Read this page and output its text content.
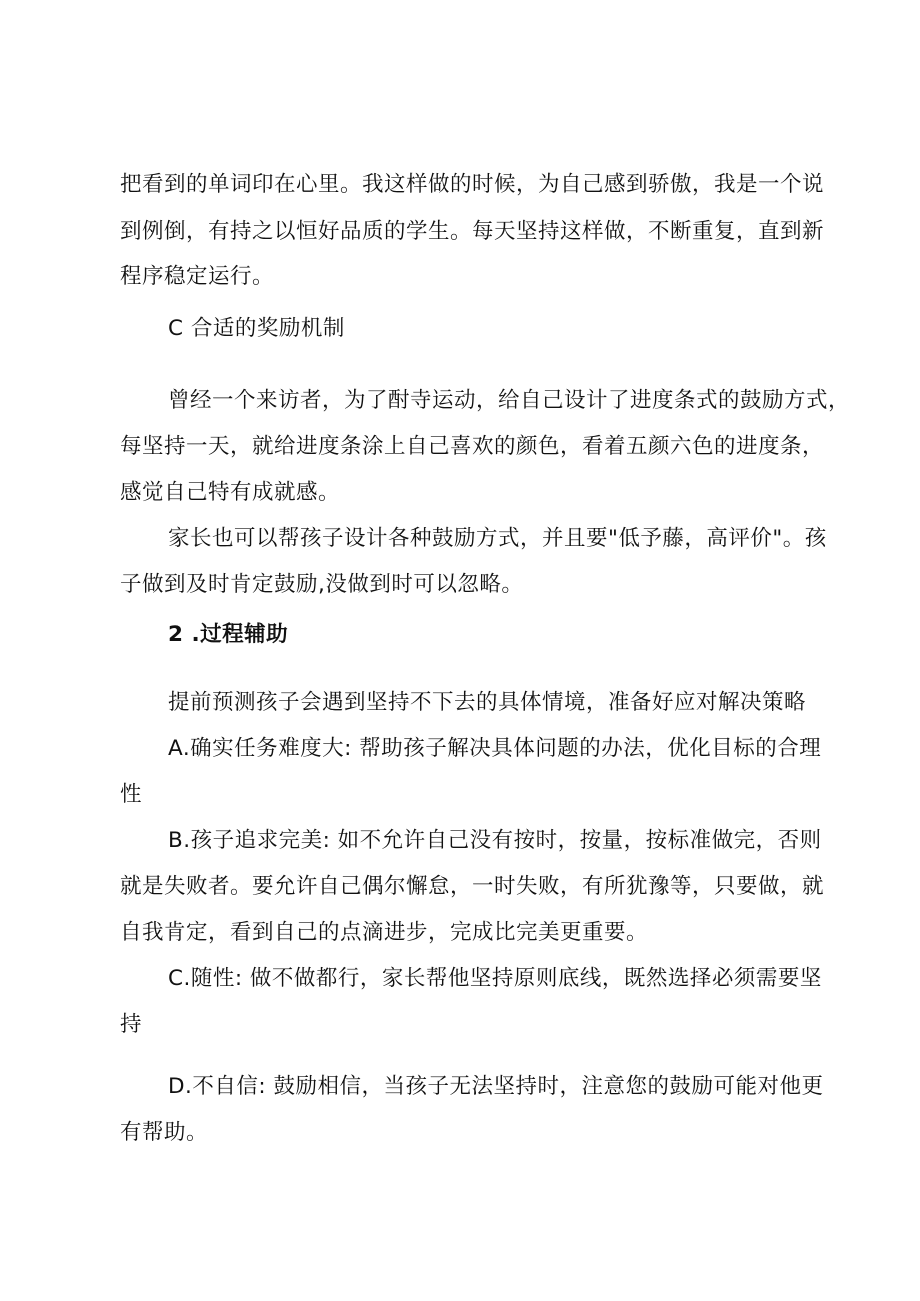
把看到的单词印在心里。我这样做的时候，为自己感到骄傲，我是一个说
到例倒，有持之以恒好品质的学生。每天坚持这样做，不断重复，直到新
程序稳定运行。
C 合适的奖励机制
曾经一个来访者，为了酎寺运动，给自己设计了进度条式的鼓励方式，
每坚持一天，就给进度条涂上自己喜欢的颜色，看着五颜六色的进度条，
感觉自己特有成就感。
家长也可以帮孩子设计各种鼓励方式，并且要"低予藤，高评价"。孩
子做到及时肯定鼓励,没做到时可以忽略。
2 .过程辅助
提前预测孩子会遇到坚持不下去的具体情境，准备好应对解决策略
A.确实任务难度大: 帮助孩子解决具体问题的办法，优化目标的合理
性
B.孩子追求完美: 如不允许自己没有按时，按量，按标准做完，否则
就是失败者。要允许自己偶尔懈怠，一时失败，有所犹豫等，只要做，就
自我肯定，看到自己的点滴进步，完成比完美更重要。
C.随性: 做不做都行，家长帮他坚持原则底线，既然选择必须需要坚
持
D.不自信: 鼓励相信，当孩子无法坚持时，注意您的鼓励可能对他更
有帮助。
